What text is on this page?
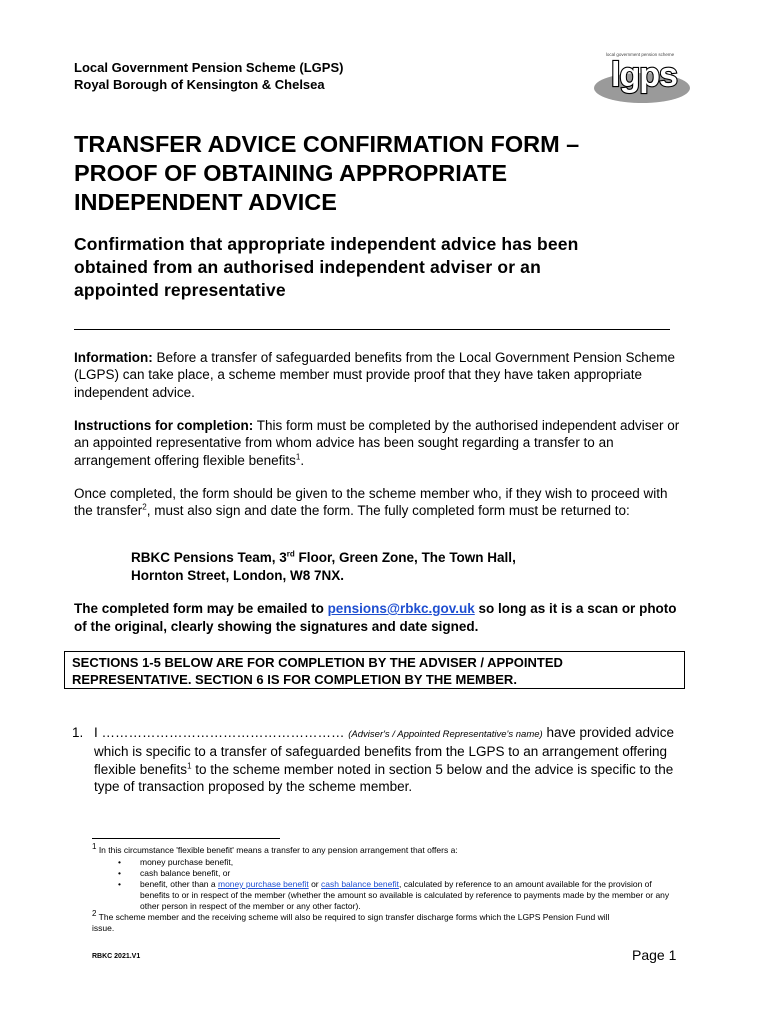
Local Government Pension Scheme (LGPS)
Royal Borough of Kensington & Chelsea
local government pension scheme
lgps
TRANSFER ADVICE CONFIRMATION FORM –
PROOF OF OBTAINING APPROPRIATE
INDEPENDENT ADVICE
Confirmation that appropriate independent advice has been
obtained from an authorised independent adviser or an
appointed representative
Information: Before a transfer of safeguarded benefits from the Local Government Pension Scheme (LGPS) can take place, a scheme member must provide proof that they have taken appropriate independent advice.
Instructions for completion: This form must be completed by the authorised independent adviser or an appointed representative from whom advice has been sought regarding a transfer to an arrangement offering flexible benefits$^1$.
Once completed, the form should be given to the scheme member who, if they wish to proceed with the transfer$^2$, must also sign and date the form. The fully completed form must be returned to:
RBKC Pensions Team, 3rd Floor, Green Zone, The Town Hall,
Hornton Street, London, W8 7NX.
The completed form may be emailed to pensions@rbkc.gov.uk so long as it is a scan or photo of the original, clearly showing the signatures and date signed.
SECTIONS 1-5 BELOW ARE FOR COMPLETION BY THE ADVISER / APPOINTED
REPRESENTATIVE. SECTION 6 IS FOR COMPLETION BY THE MEMBER.
1. I ……………………………………………… (Adviser's / Appointed Representative's name) have provided advice which is specific to a transfer of safeguarded benefits from the LGPS to an arrangement offering flexible benefits$^1$ to the scheme member noted in section 5 below and the advice is specific to the type of transaction proposed by the scheme member.
$^1$ In this circumstance 'flexible benefit' means a transfer to any pension arrangement that offers a:
• money purchase benefit,
• cash balance benefit, or
• benefit, other than a money purchase benefit or cash balance benefit, calculated by reference to an amount available for the provision of benefits to or in respect of the member (whether the amount so available is calculated by reference to payments made by the member or any other person in respect of the member or any other factor).
$^2$ The scheme member and the receiving scheme will also be required to sign transfer discharge forms which the LGPS Pension Fund will issue.
RBKC 2021.V1	Page 1
